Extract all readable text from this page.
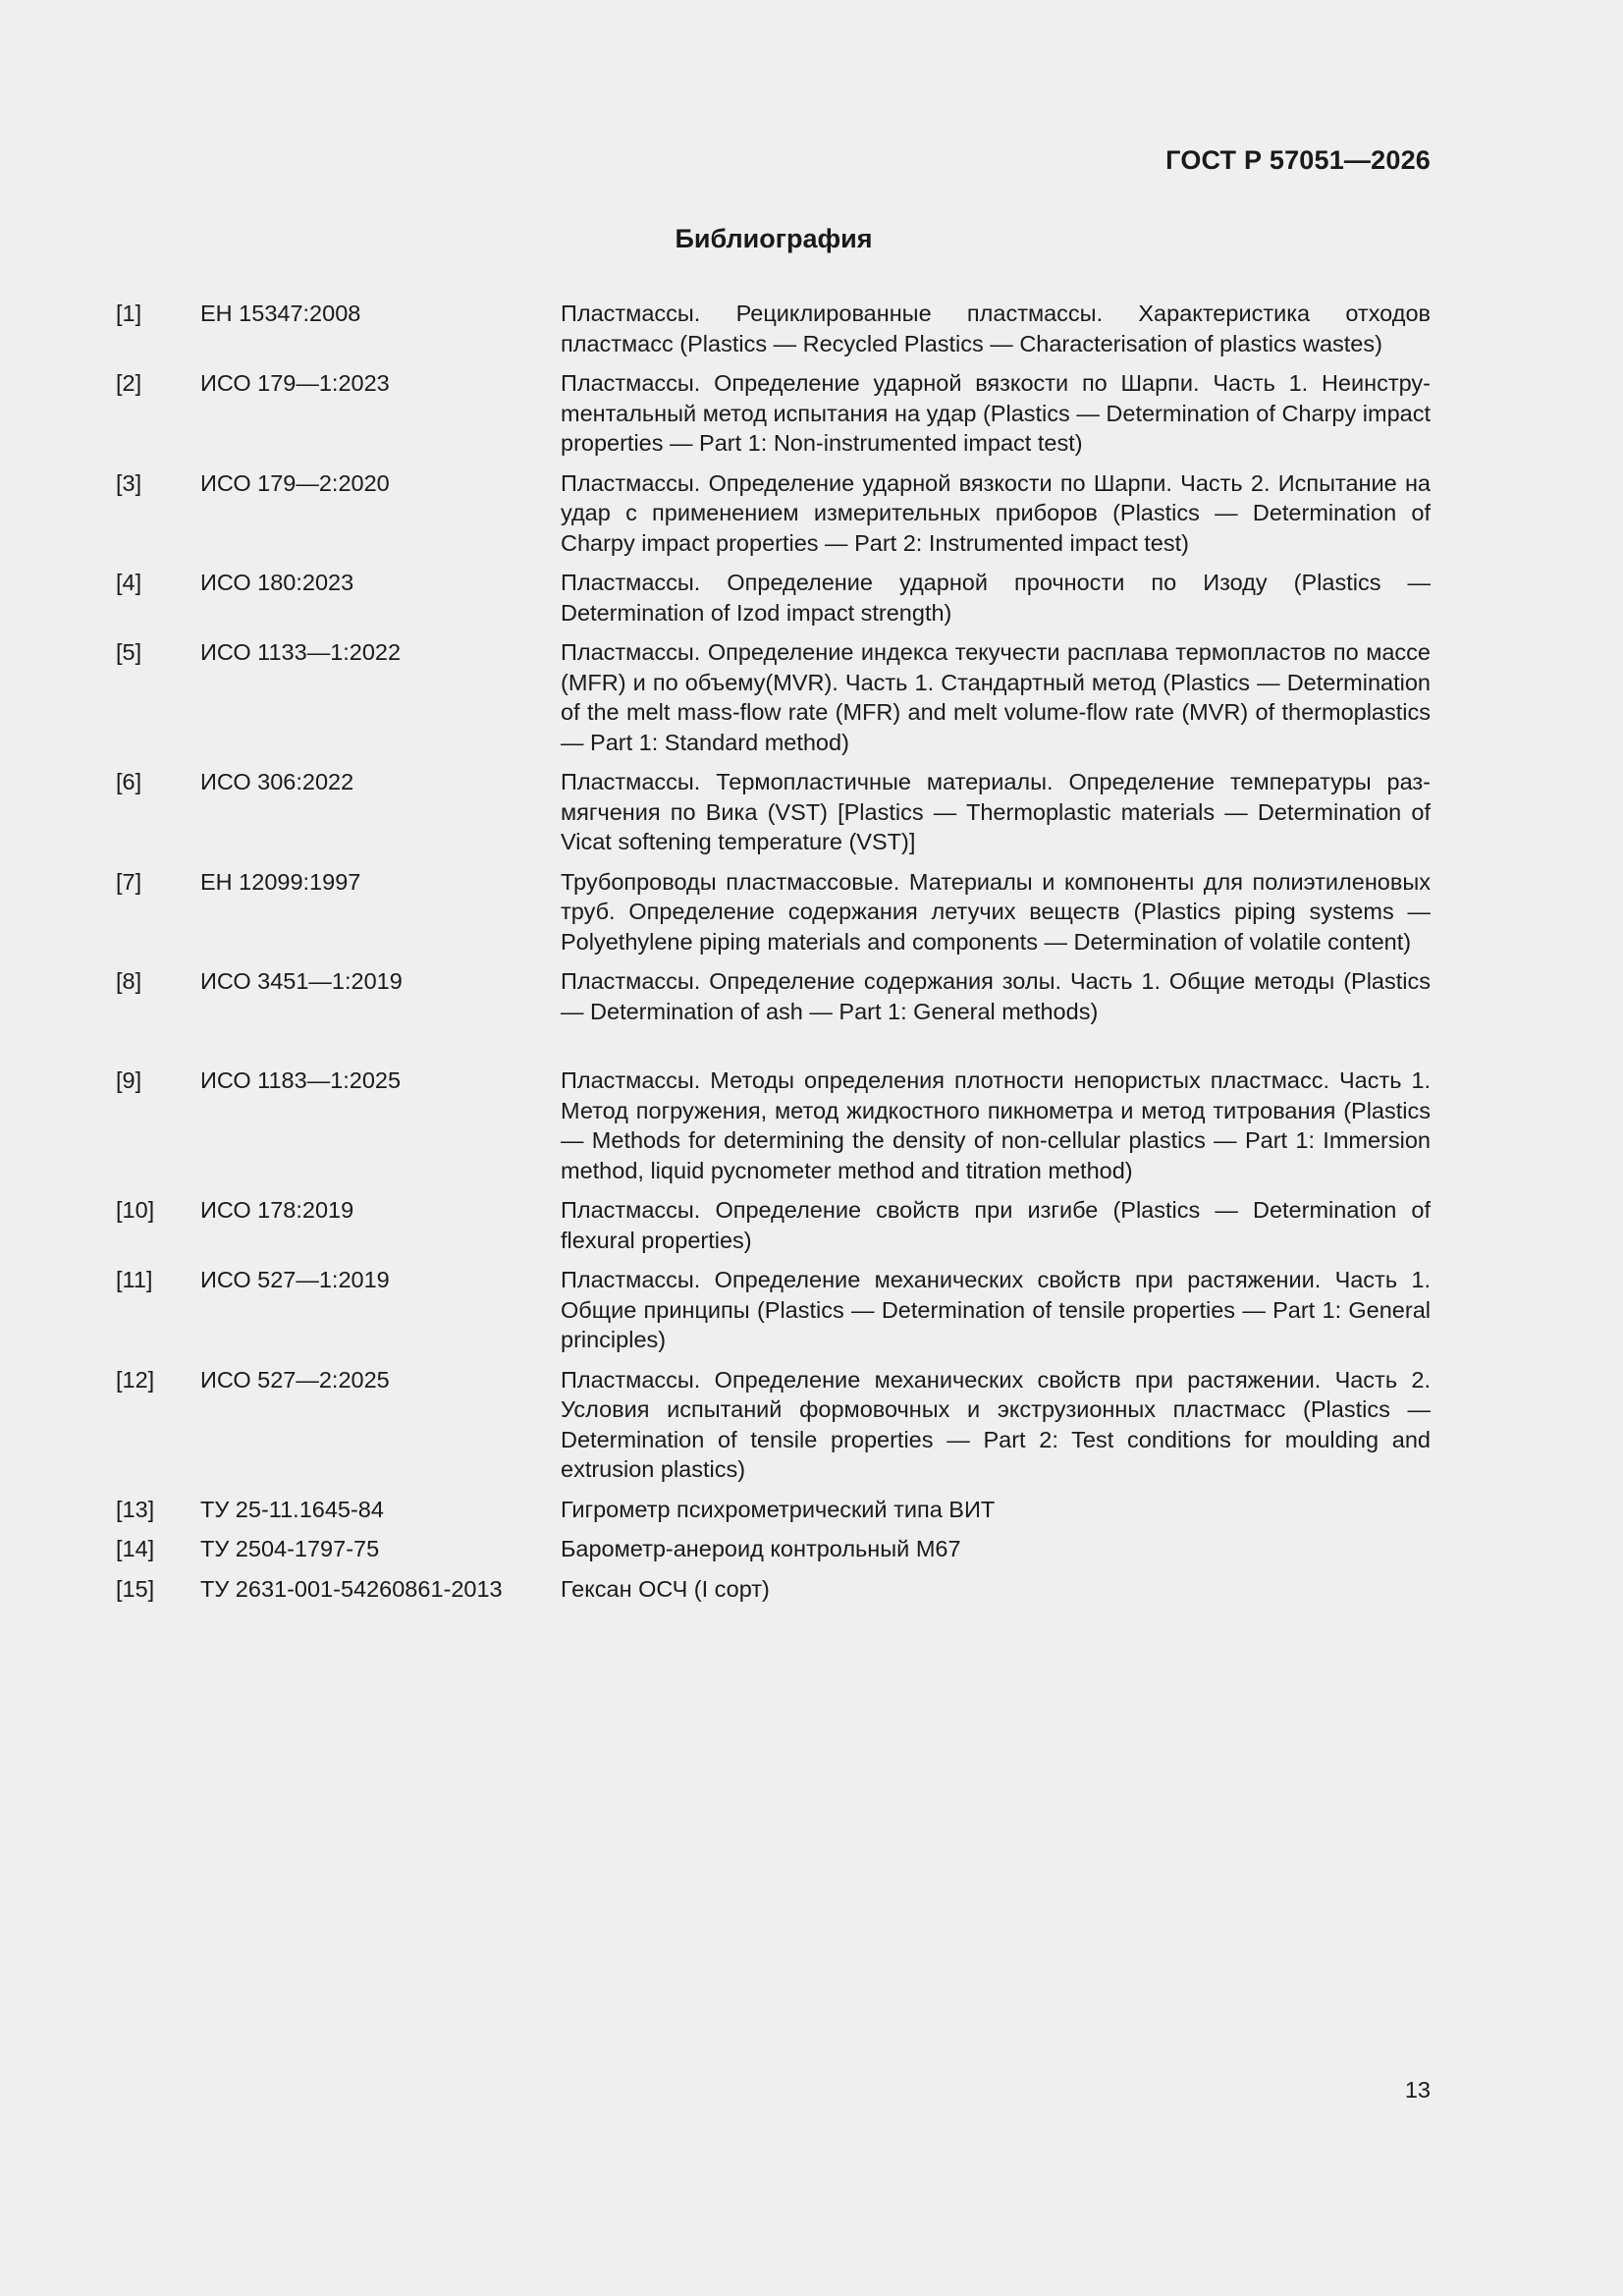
ГОСТ Р 57051—2026
Библиография
[1]	ЕН 15347:2008	Пластмассы. Рециклированные пластмассы. Характеристика отходов пластмасс (Plastics — Recycled Plastics — Characterisation of plastics wastes)
[2]	ИСО 179—1:2023	Пластмассы. Определение ударной вязкости по Шарпи. Часть 1. Неинструmентальный метод испытания на удар (Plastics — Determination of Charpy impact properties — Part 1: Non-instrumented impact test)
[3]	ИСО 179—2:2020	Пластмассы. Определение ударной вязкости по Шарпи. Часть 2. Испытание на удар с применением измерительных приборов (Plastics — Determination of Charpy impact properties — Part 2: Instrumented impact test)
[4]	ИСО 180:2023	Пластмассы. Определение ударной прочности по Изоду (Plastics — Determination of Izod impact strength)
[5]	ИСО 1133—1:2022	Пластмассы. Определение индекса текучести расплава термопластов по массе (MFR) и по объему(MVR). Часть 1. Стандартный метод (Plastics — Determination of the melt mass-flow rate (MFR) and melt volume-flow rate (MVR) of thermoplastics — Part 1: Standard method)
[6]	ИСО 306:2022	Пластмассы. Термопластичные материалы. Определение температуры размягчения по Вика (VST) [Plastics — Thermoplastic materials — Determination of Vicat softening temperature (VST)]
[7]	ЕН 12099:1997	Трубопроводы пластмассовые. Материалы и компоненты для полиэтиленовых труб. Определение содержания летучих веществ (Plastics piping systems — Polyethylene piping materials and components — Determination of volatile content)
[8]	ИСО 3451—1:2019	Пластмассы. Определение содержания золы. Часть 1. Общие методы (Plastics — Determination of ash — Part 1: General methods)
[9]	ИСО 1183—1:2025	Пластмассы. Методы определения плотности непористых пластмасс. Часть 1. Метод погружения, метод жидкостного пикнометра и метод титрования (Plastics — Methods for determining the density of non-cellular plastics — Part 1: Immersion method, liquid pycnometer method and titration method)
[10]	ИСО 178:2019	Пластмассы. Определение свойств при изгибе (Plastics — Determination of flexural properties)
[11]	ИСО 527—1:2019	Пластмассы. Определение механических свойств при растяжении. Часть 1. Общие принципы (Plastics — Determination of tensile properties — Part 1: General principles)
[12]	ИСО 527—2:2025	Пластмассы. Определение механических свойств при растяжении. Часть 2. Условия испытаний формовочных и экструзионных пластмасс (Plastics — Determination of tensile properties — Part 2: Test conditions for moulding and extrusion plastics)
[13]	ТУ 25-11.1645-84	Гигрометр психрометрический типа ВИТ
[14]	ТУ 2504-1797-75	Барометр-анероид контрольный М67
[15]	ТУ 2631-001-54260861-2013	Гексан ОСЧ (I сорт)
13
